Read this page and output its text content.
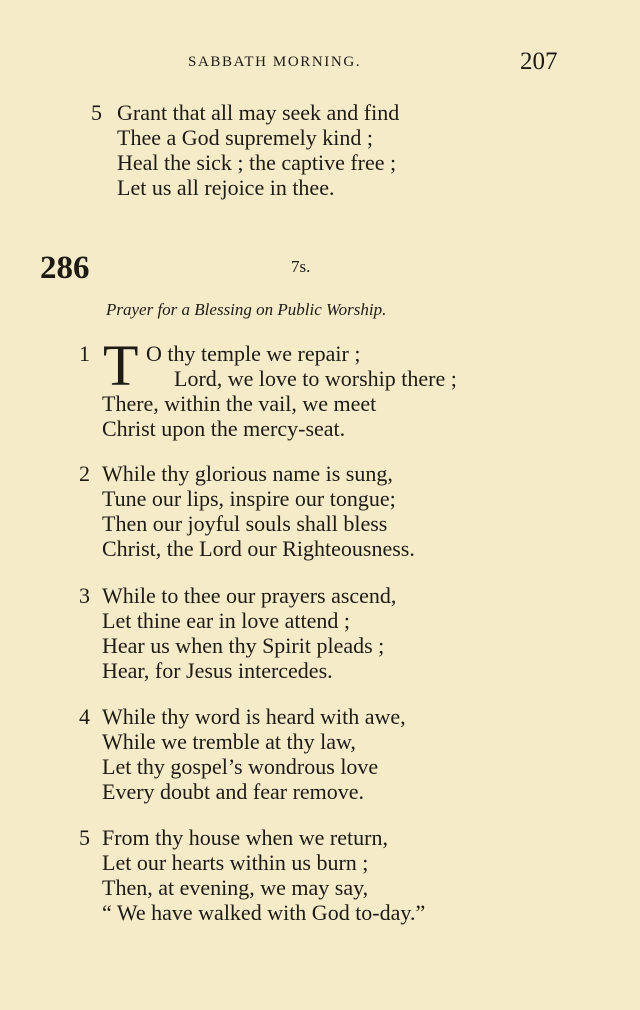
SABBATH MORNING.	207
5 Grant that all may seek and find
Thee a God supremely kind ;
Heal the sick ; the captive free ;
Let us all rejoice in thee.
286	7s.
Prayer for a Blessing on Public Worship.
1 T O thy temple we repair ;
Lord, we love to worship there ;
There, within the vail, we meet
Christ upon the mercy-seat.
2 While thy glorious name is sung,
Tune our lips, inspire our tongue;
Then our joyful souls shall bless
Christ, the Lord our Righteousness.
3 While to thee our prayers ascend,
Let thine ear in love attend ;
Hear us when thy Spirit pleads ;
Hear, for Jesus intercedes.
4 While thy word is heard with awe,
While we tremble at thy law,
Let thy gospel’s wondrous love
Every doubt and fear remove.
5 From thy house when we return,
Let our hearts within us burn ;
Then, at evening, we may say,
“ We have walked with God to-day.”
